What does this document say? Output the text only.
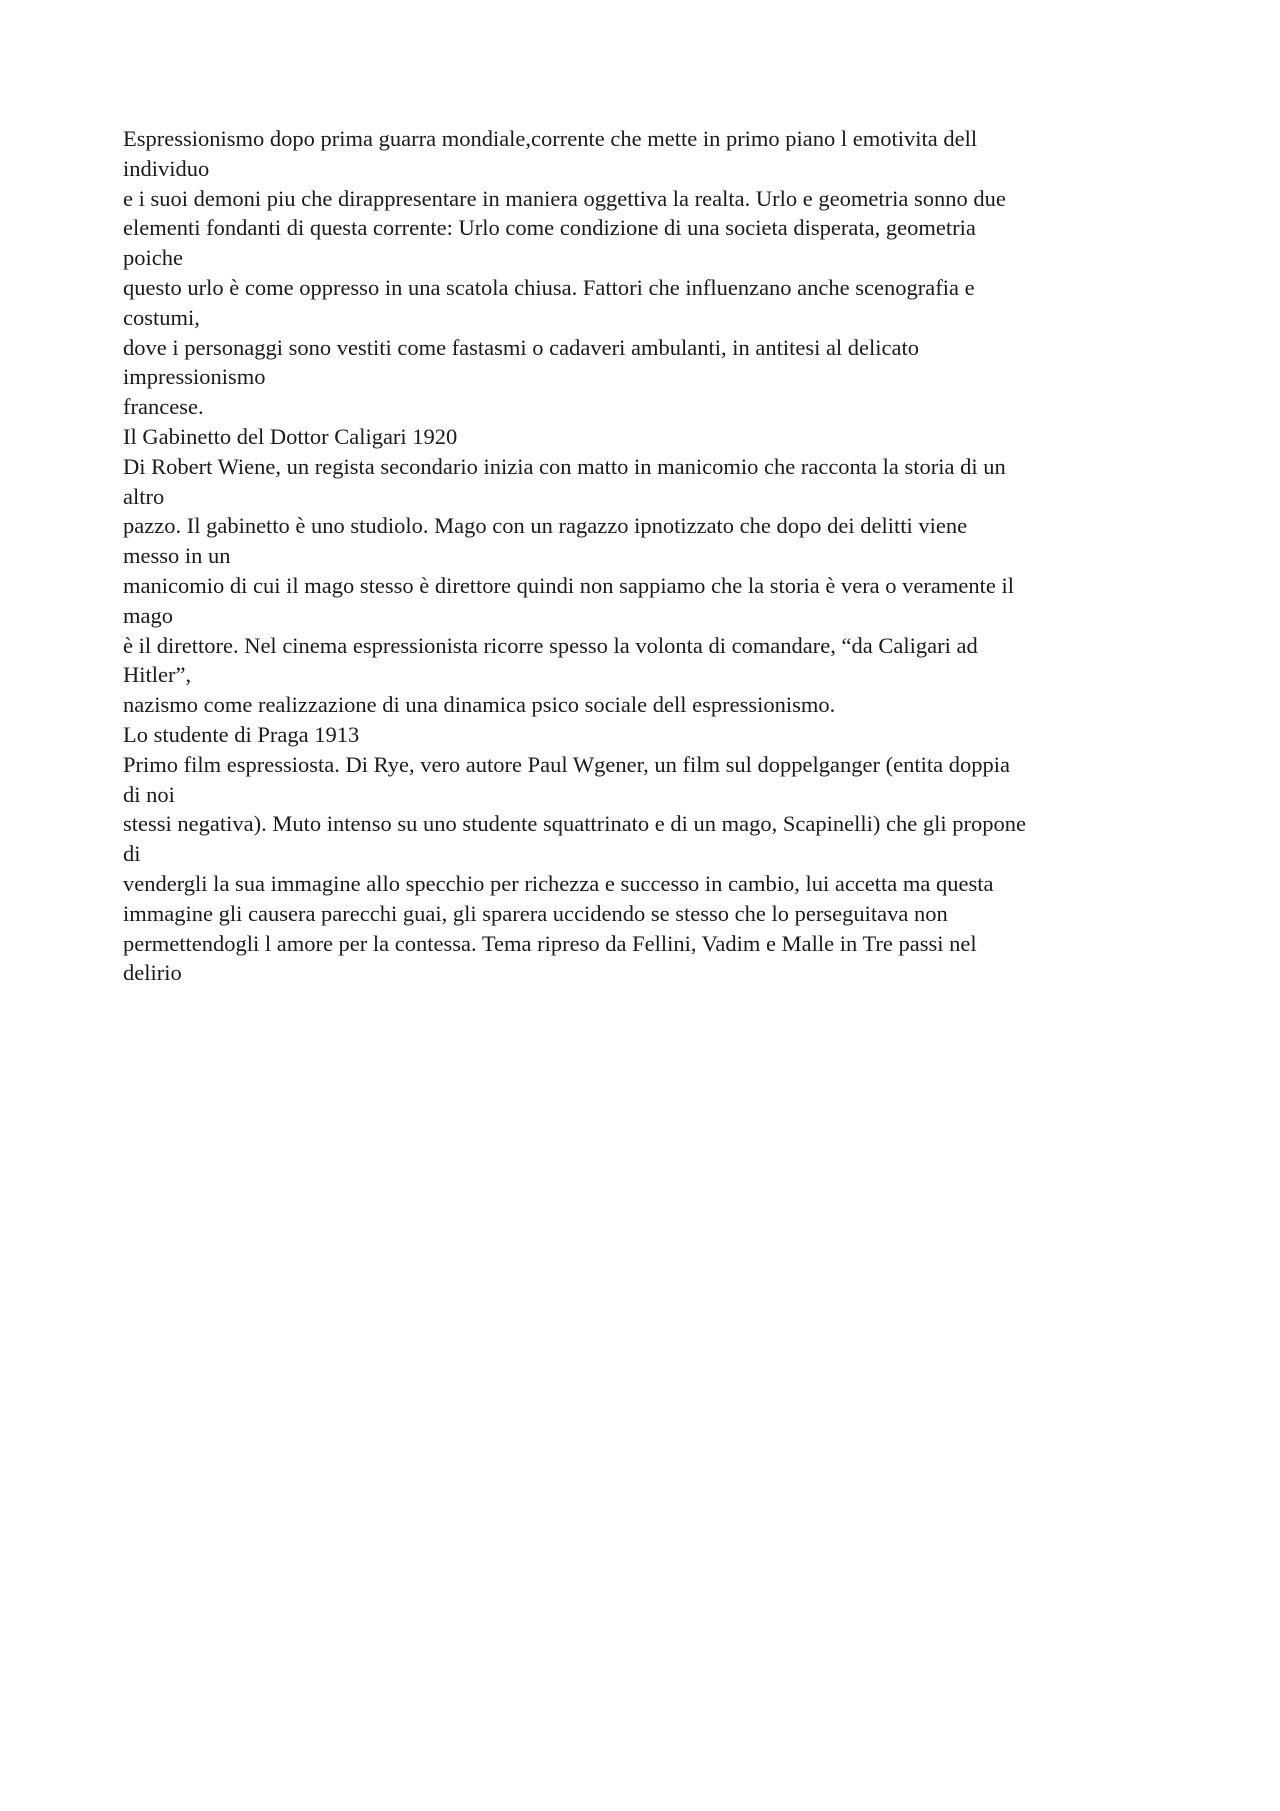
Espressionismo dopo prima guarra mondiale,corrente che mette in primo piano l emotivita dell
individuo
e i suoi demoni piu che dirappresentare in maniera oggettiva la realta. Urlo e geometria sonno due
elementi fondanti di questa corrente: Urlo come condizione di una societa disperata, geometria
poiche
questo urlo è come oppresso in una scatola chiusa. Fattori che influenzano anche scenografia e
costumi,
dove i personaggi sono vestiti come fastasmi o cadaveri ambulanti, in antitesi al delicato
impressionismo
francese.
Il Gabinetto del Dottor Caligari 1920
Di Robert Wiene, un regista secondario inizia con matto in manicomio che racconta la storia di un
altro
pazzo. Il gabinetto è uno studiolo. Mago con un ragazzo ipnotizzato che dopo dei delitti viene
messo in un
manicomio di cui il mago stesso è direttore quindi non sappiamo che la storia è vera o veramente il
mago
è il direttore. Nel cinema espressionista ricorre spesso la volonta di comandare, “da Caligari ad
Hitler”,
nazismo come realizzazione di una dinamica psico sociale dell espressionismo.
Lo studente di Praga 1913
Primo film espressiosta. Di Rye, vero autore Paul Wgener, un film sul doppelganger (entita doppia
di noi
stessi negativa). Muto intenso su uno studente squattrinato e di un mago, Scapinelli) che gli propone
di
vendergli la sua immagine allo specchio per richezza e successo in cambio, lui accetta ma questa
immagine gli causera parecchi guai, gli sparera uccidendo se stesso che lo perseguitava non
permettendogli l amore per la contessa. Tema ripreso da Fellini, Vadim e Malle in Tre passi nel
delirio
